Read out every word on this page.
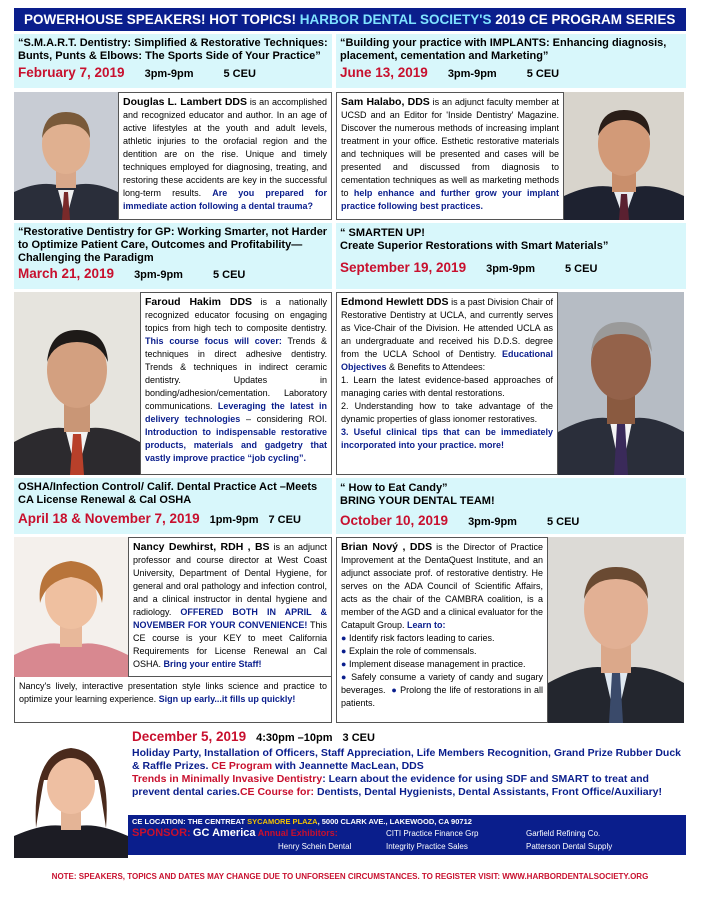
POWERHOUSE SPEAKERS! HOT TOPICS! HARBOR DENTAL SOCIETY'S 2019 CE PROGRAM SERIES
“S.M.A.R.T. Dentistry: Simplified & Restorative Techniques: Bunts, Punts & Elbows: The Sports Side of Your Practice”
February 7, 2019 3pm-9pm	5 CEU
“Building your practice with IMPLANTS: Enhancing diagnosis, placement, cementation and Marketing”
June 13, 2019 3pm-9pm	5 CEU
Douglas L. Lambert DDS is an accomplished and recognized educator and author. In an age of active lifestyles at the youth and adult levels, athletic injuries to the orofacial region and the dentition are on the rise. Unique and timely techniques employed for diagnosing, treating, and restoring these accidents are key in the successful long-term results. Are you prepared for immediate action following a dental trauma?
Sam Halabo, DDS is an adjunct faculty member at UCSD and an Editor for 'Inside Dentistry' Magazine. Discover the numerous methods of increasing implant treatment in your office. Esthetic restorative materials and techniques will be presented and cases will be presented and discussed from diagnosis to cementation techniques as well as marketing methods to help enhance and further grow your implant practice following best practices.
“Restorative Dentistry for GP: Working Smarter, not Harder to Optimize Patient Care, Outcomes and Profitability—Challenging the Paradigm
March 21, 2019 3pm-9pm	5 CEU
“ SMARTEN UP!
Create Superior Restorations with Smart Materials”
September 19, 2019 3pm-9pm	5 CEU
Faroud Hakim DDS is a nationally recognized educator focusing on engaging topics from high tech to composite dentistry. This course focus will cover: Trends & techniques in direct adhesive dentistry. Trends & techniques in indirect ceramic dentistry. Updates in bonding/adhesion/cementation. Laboratory communications. Leveraging the latest in delivery technologies – considering ROI. Introduction to indispensable restorative products, materials and gadgetry that vastly improve practice “job cycling”.
Edmond Hewlett DDS is a past Division Chair of Restorative Dentistry at UCLA, and currently serves as Vice-Chair of the Division. He attended UCLA as an undergraduate and received his D.D.S. degree from the UCLA School of Dentistry. Educational Objectives & Benefits to Attendees:
1. Learn the latest evidence-based approaches of managing caries with dental restorations.
2. Understanding how to take advantage of the dynamic properties of glass ionomer restoratives.
3. Useful clinical tips that can be immediately incorporated into your practice. more!
OSHA/Infection Control/ Calif. Dental Practice Act –Meets CA License Renewal & Cal OSHA
April 18 & November 7, 2019 1pm-9pm 7 CEU
“ How to Eat Candy”
BRING YOUR DENTAL TEAM!
October 10, 2019 3pm-9pm	5 CEU
Nancy Dewhirst, RDH , BS is an adjunct professor and course director at West Coast University, Department of Dental Hygiene, for general and oral pathology and infection control, and a clinical instructor in dental hygiene and radiology. OFFERED BOTH IN APRIL & NOVEMBER FOR YOUR CONVENIENCE! This CE course is your KEY to meet California Requirements for License Renewal an Cal OSHA. Bring your entire Staff!
Nancy's lively, interactive presentation style links science and practice to optimize your learning experience. Sign up early...it fills up quickly!
Brian Nový , DDS is the Director of Practice Improvement at the DentaQuest Institute, and an adjunct associate prof. of restorative dentistry. He serves on the ADA Council of Scientific Affairs, acts as the chair of the CAMBRA coalition, is a member of the AGD and a clinical evaluator for the Catapult Group. Learn to:
● Identify risk factors leading to caries.
● Explain the role of commensals.
● Implement disease management in practice.
● Safely consume a variety of candy and sugary beverages. ● Prolong the life of restorations in all patients.
December 5, 2019 4:30pm –10pm 3 CEU
Holiday Party, Installation of Officers, Staff Appreciation, Life Members Recognition, Grand Prize Rubber Duck & Raffle Prizes. CE Program with Jeannette MacLean, DDS
Trends in Minimally Invasive Dentistry: Learn about the evidence for using SDF and SMART to treat and prevent dental caries.CE Course for: Dentists, Dental Hygienists, Dental Assistants, Front Office/Auxiliary!
CE LOCATION: THE CENTREAT SYCAMORE PLAZA, 5000 CLARK AVE., LAKEWOOD, CA 90712
SPONSOR: GC America Annual Exhibitors:	CITI Practice Finance Grp	Garfield Refining Co.
Henry Schein Dental	Integrity Practice Sales	Patterson Dental Supply
NOTE: SPEAKERS, TOPICS AND DATES MAY CHANGE DUE TO UNFORSEEN CIRCUMSTANCES. TO REGISTER VISIT: WWW.HARBORDENTALSOCIETY.ORG
